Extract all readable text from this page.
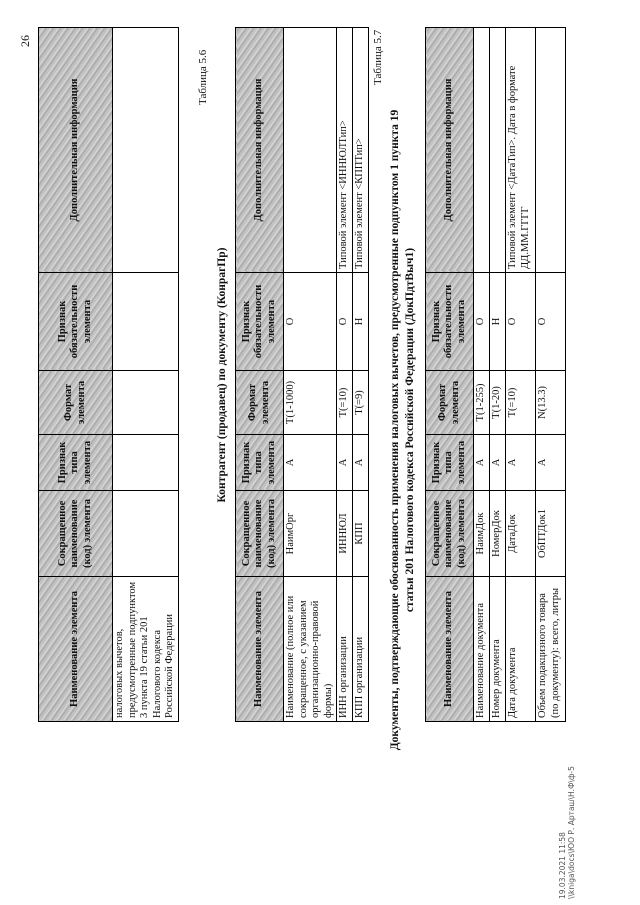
26
Наименование элемента	Сокращенное наименование (код) элемента	Признак типа элемента	Формат элемента	Признак обязательности элемента	Дополнительная информация
налоговых вычетов, предусмотренные подпунктом 3 пункта 19 статьи 201 Налогового кодекса Российской Федерации					
Таблица 5.6
Контрагент (продавец) по документу (КонрагПр)
Наименование элемента	Сокращенное наименование (код) элемента	Признак типа элемента	Формат элемента	Признак обязательности элемента	Дополнительная информация
Наименование (полное или сокращенное, с указанием организационно-правовой формы)	НаимОрг	А	Т(1-1000)	О	
ИНН организации	ИННЮЛ	А	Т(=10)	О	Типовой элемент <ИННЮЛТип>
КПП организации	КПП	А	Т(=9)	Н	Типовой элемент <КППТип>
Таблица 5.7
Документы, подтверждающие обоснованность применения налоговых вычетов, предусмотренные подпунктом 1 пункта 19 статьи 201 Налогового кодекса Российской Федерации (ДокПдтВыч1)
Наименование элемента	Сокращенное наименование (код) элемента	Признак типа элемента	Формат элемента	Признак обязательности элемента	Дополнительная информация
Наименование документа	НаимДок	А	Т(1-255)	О	
Номер документа	НомерДок	А	Т(1-20)	Н	
Дата документа	ДатаДок	А	Т(=10)	О	Типовой элемент <ДатаТип>. Дата в формате ДД.ММ.ГГГГ
Объем подакцизного товара (по документу): всего, литры	ОбПТДок1	А	N(13.3)	О	
19.03.2021 11:58 \\kniga\docs\ЮО Р. Арташ\Н.Ф\ф-5
